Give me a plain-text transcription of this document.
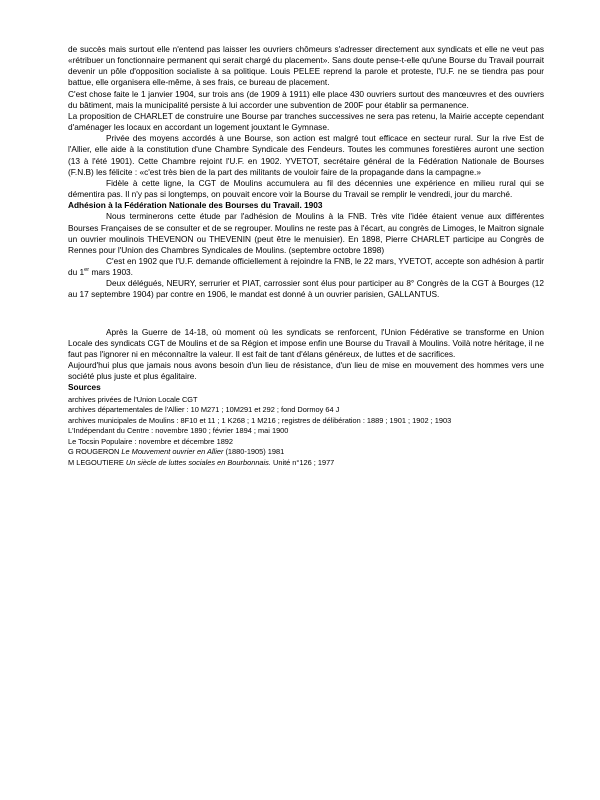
de succès mais surtout elle n'entend pas laisser les ouvriers chômeurs s'adresser directement aux syndicats et elle ne veut pas «rétribuer un fonctionnaire permanent qui serait chargé du placement». Sans doute pense-t-elle qu'une Bourse du Travail pourrait devenir un pôle d'opposition socialiste à sa politique. Louis PELEE reprend la parole et proteste, l'U.F. ne se tiendra pas pour battue, elle organisera elle-même, à ses frais, ce bureau de placement.

C'est chose faite le 1 janvier 1904, sur trois ans (de 1909 à 1911) elle place 430 ouvriers surtout des manœuvres et des ouvriers du bâtiment, mais la municipalité persiste à lui accorder une subvention de 200F pour établir sa permanence.

La proposition de CHARLET de construire une Bourse par tranches successives ne sera pas retenu, la Mairie accepte cependant d'aménager les locaux en accordant un logement jouxtant le Gymnase.

Privée des moyens accordés à une Bourse, son action est malgré tout efficace en secteur rural. Sur la rive Est de l'Allier, elle aide à la constitution d'une Chambre Syndicale des Fendeurs. Toutes les communes forestières auront une section (13 à l'été 1901). Cette Chambre rejoint l'U.F. en 1902. YVETOT, secrétaire général de la Fédération Nationale de Bourses (F.N.B) les félicite : «c'est très bien de la part des militants de vouloir faire de la propagande dans la campagne.»

Fidèle à cette ligne, la CGT de Moulins accumulera au fil des décennies une expérience en milieu rural qui se démentira pas. Il n'y pas si longtemps, on pouvait encore voir la Bourse du Travail se remplir le vendredi, jour du marché.

Adhésion à la Fédération Nationale des Bourses du Travail. 1903

Nous terminerons cette étude par l'adhésion de Moulins à la FNB. Très vite l'idée étaient venue aux différentes Bourses Françaises de se consulter et de se regrouper. Moulins ne reste pas à l'écart, au congrès de Limoges, le Maitron signale un ouvrier moulinois THEVENON ou THEVENIN (peut être le menuisier). En 1898, Pierre CHARLET participe au Congrès de Rennes pour l'Union des Chambres Syndicales de Moulins. (septembre octobre 1898)

C'est en 1902 que l'U.F. demande officiellement à rejoindre la FNB, le 22 mars, YVETOT, accepte son adhésion à partir du 1er mars 1903.

Deux délégués, NEURY, serrurier et PIAT, carrossier sont élus pour participer au 8° Congrès de la CGT à Bourges (12 au 17 septembre 1904) par contre en 1906, le mandat est donné à un ouvrier parisien, GALLANTUS.

Après la Guerre de 14-18, où moment où les syndicats se renforcent, l'Union Fédérative se transforme en Union Locale des syndicats CGT de Moulins et de sa Région et impose enfin une Bourse du Travail à Moulins. Voilà notre héritage, il ne faut pas l'ignorer ni en méconnaître la valeur. Il est fait de tant d'élans généreux, de luttes et de sacrifices.

Aujourd'hui plus que jamais nous avons besoin d'un lieu de résistance, d'un lieu de mise en mouvement des hommes vers une société plus juste et plus égalitaire.

Sources

archives privées de l'Union Locale CGT
archives départementales de l'Allier : 10 M271 ; 10M291 et 292 ; fond Dormoy 64 J
archives municipales de Moulins : 8F10 et 11 ; 1 K268 ; 1 M216 ; registres de délibération : 1889 ; 1901 ; 1902 ; 1903
L'Indépendant du Centre : novembre 1890 ; février 1894 ; mai 1900
Le Tocsin Populaire : novembre et décembre 1892
G ROUGERON Le Mouvement ouvrier en Allier (1880-1905) 1981
M LEGOUTIERE Un siècle de luttes sociales en Bourbonnais. Unité n°126 ; 1977
